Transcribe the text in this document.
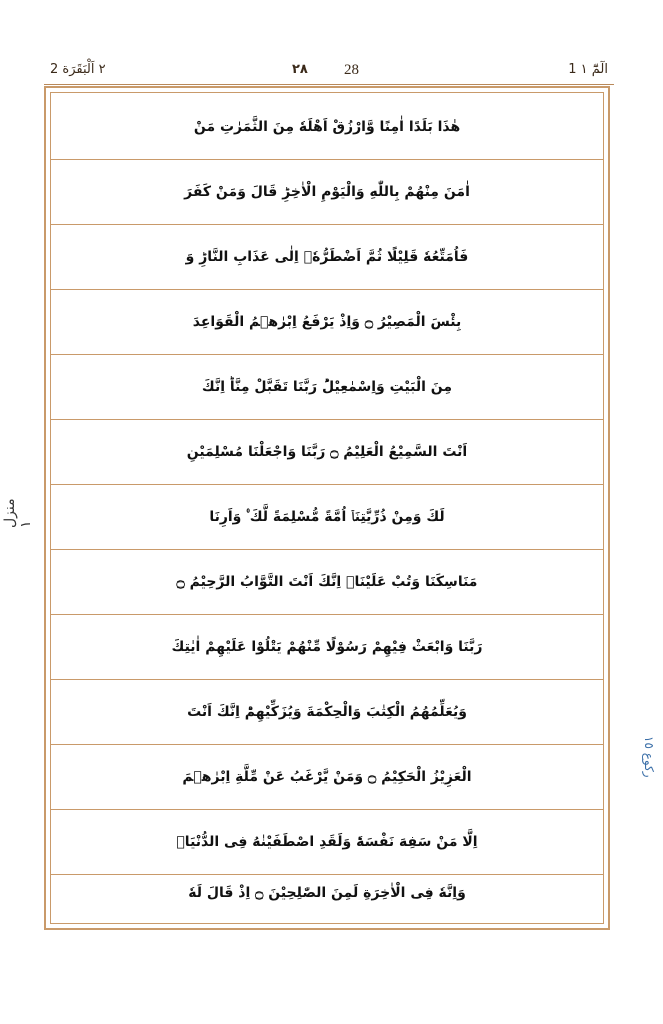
٢ اَلْبَقَرَة 2	٢٨ 28	1 الٓمّٓ ١
هٰذَا بَلَدًا اٰمِنًا وَّارْزُقْ اَهْلَهٗ مِنَ الثَّمَرٰتِ مَنْ
اٰمَنَ مِنْهُمْ بِاللّٰهِ وَالْيَوْمِ الْاٰخِرِؕ قَالَ وَمَنْ كَفَرَ
فَاُمَتِّعُهٗ قَلِيْلًا ثُمَّ اَضْطَرُّهٗۤ اِلٰى عَذَابِ النَّارِؕ وَ
بِئْسَ الْمَصِيْرُ ۝ وَاِذْ يَرْفَعُ اِبْرٰهٖمُ الْقَوَاعِدَ
مِنَ الْبَيْتِ وَاِسْمٰعِيْلُؕ رَبَّنَا تَقَبَّلْ مِنَّاؕ اِنَّكَ
اَنْتَ السَّمِيْعُ الْعَلِيْمُ ۝ رَبَّنَا وَاجْعَلْنَا مُسْلِمَيْنِ
لَكَ وَمِنْ ذُرِّيَّتِنَاۤ اُمَّةً مُّسْلِمَةً لَّكَ ۠ وَاَرِنَا
مَنَاسِكَنَا وَتُبْ عَلَيْنَاۚ اِنَّكَ اَنْتَ التَّوَّابُ الرَّحِيْمُ ۝
رَبَّنَا وَابْعَثْ فِيْهِمْ رَسُوْلًا مِّنْهُمْ يَتْلُوْا عَلَيْهِمْ اٰيٰتِكَ
وَيُعَلِّمُهُمُ الْكِتٰبَ وَالْحِكْمَةَ وَيُزَكِّيْهِمْؕ اِنَّكَ اَنْتَ
الْعَزِيْزُ الْحَكِيْمُ ۝ وَمَنْ يَّرْغَبُ عَنْ مِّلَّةِ اِبْرٰهٖمَ
اِلَّا مَنْ سَفِهَ نَفْسَهٗؕ وَلَقَدِ اصْطَفَيْنٰهُ فِى الدُّنْيَاۚ
وَاِنَّهٗ فِى الْاٰخِرَةِ لَمِنَ الصّٰلِحِيْنَ ۝ اِذْ قَالَ لَهٗ
منزل ١
ركوع ١٥
